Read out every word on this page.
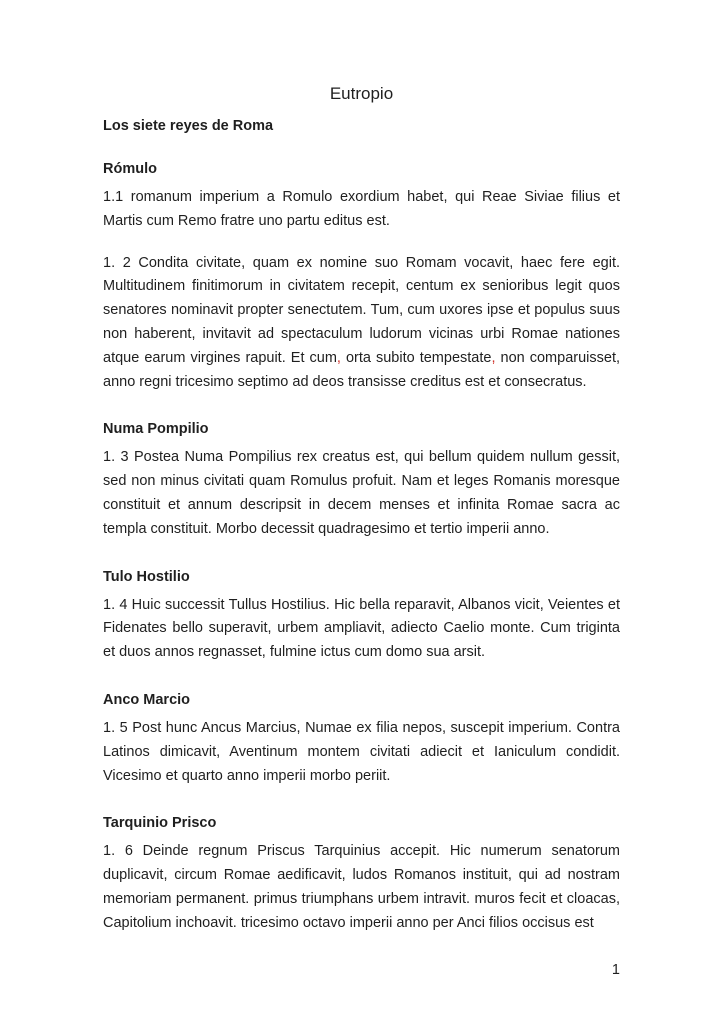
Eutropio
Los siete reyes de Roma
Rómulo

1.1 romanum imperium a Romulo exordium habet, qui Reae Siviae filius et Martis cum Remo fratre uno partu editus est.

1. 2 Condita civitate, quam ex nomine suo Romam vocavit, haec fere egit. Multitudinem finitimorum in civitatem recepit, centum ex senioribus legit quos senatores nominavit propter senectutem. Tum, cum uxores ipse et populus suus non haberent, invitavit ad spectaculum ludorum vicinas urbi Romae nationes atque earum virgines rapuit. Et cum, orta subito tempestate, non comparuisset, anno regni tricesimo septimo ad deos transisse creditus est et consecratus.

Numa Pompilio

1. 3 Postea Numa Pompilius rex creatus est, qui bellum quidem nullum gessit, sed non minus civitati quam Romulus profuit. Nam et leges Romanis moresque constituit et annum descripsit in decem menses et infinita Romae sacra ac templa constituit. Morbo decessit quadragesimo et tertio imperii anno.

Tulo Hostilio

1. 4 Huic successit Tullus Hostilius. Hic bella reparavit, Albanos vicit, Veientes et Fidenates bello superavit, urbem ampliavit, adiecto Caelio monte. Cum triginta et duos annos regnasset, fulmine ictus cum domo sua arsit.

Anco Marcio

1. 5 Post hunc Ancus Marcius, Numae ex filia nepos, suscepit imperium. Contra Latinos dimicavit, Aventinum montem civitati adiecit et Ianiculum condidit. Vicesimo et quarto anno imperii morbo periit.

Tarquinio Prisco

1. 6 Deinde regnum Priscus Tarquinius accepit. Hic numerum senatorum duplicavit, circum Romae aedificavit, ludos Romanos instituit, qui ad nostram memoriam permanent. primus triumphans urbem intravit. muros fecit et cloacas, Capitolium inchoavit. tricesimo octavo imperii anno per Anci filios occisus est

1
